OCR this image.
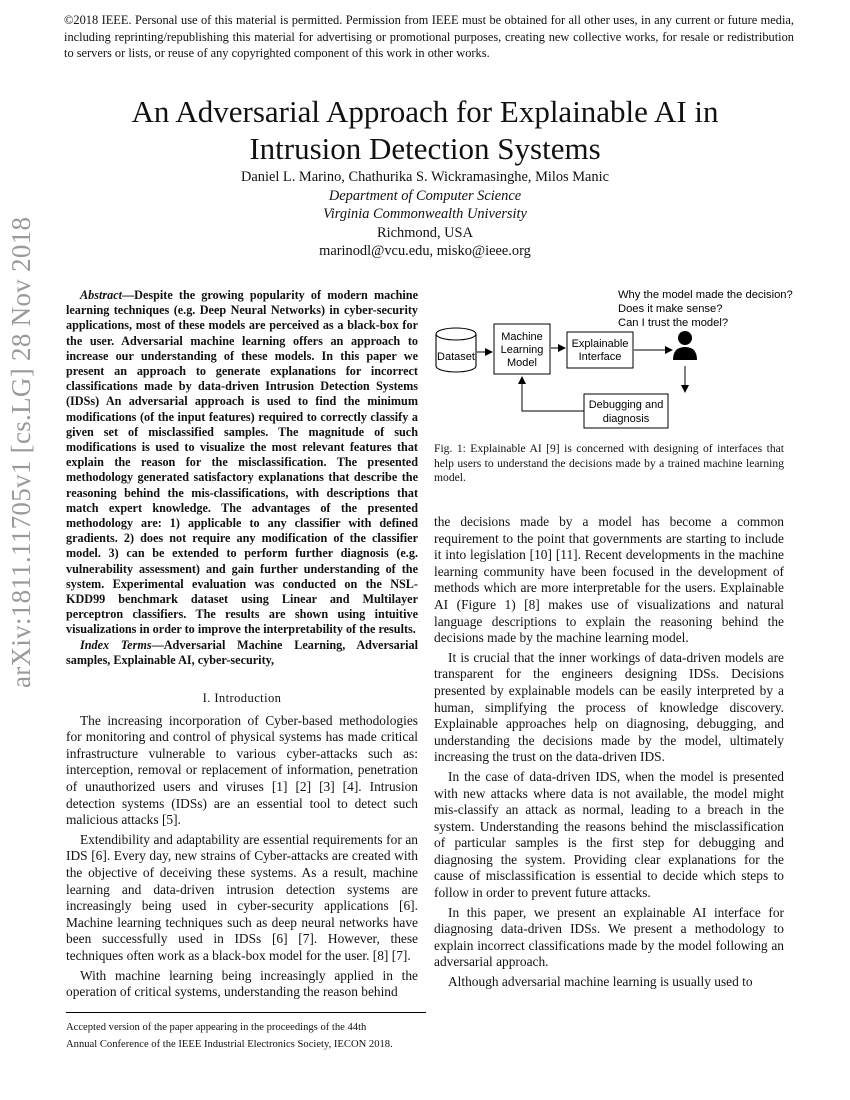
©2018 IEEE. Personal use of this material is permitted. Permission from IEEE must be obtained for all other uses, in any current or future media, including reprinting/republishing this material for advertising or promotional purposes, creating new collective works, for resale or redistribution to servers or lists, or reuse of any copyrighted component of this work in other works.
An Adversarial Approach for Explainable AI in
Intrusion Detection Systems
Daniel L. Marino, Chathurika S. Wickramasinghe, Milos Manic
Department of Computer Science
Virginia Commonwealth University
Richmond, USA
marinodl@vcu.edu, misko@ieee.org
arXiv:1811.11705v1 [cs.LG] 28 Nov 2018	Abstract—Despite the growing popularity of modern machine learning techniques (e.g. Deep Neural Networks) in cyber-security applications, most of these models are perceived as a black-box for the user. Adversarial machine learning offers an approach to increase our understanding of these models. In this paper we present an approach to generate explanations for incorrect classifications made by data-driven Intrusion Detection Systems (IDSs) An adversarial approach is used to find the minimum modifications (of the input features) required to correctly classify a given set of misclassified samples. The magnitude of such modifications is used to visualize the most relevant features that explain the reason for the misclassification. The presented methodology generated satisfactory explanations that describe the reasoning behind the mis-classifications, with descriptions that match expert knowledge. The advantages of the presented methodology are: 1) applicable to any classifier with defined gradients. 2) does not require any modification of the classifier model. 3) can be extended to perform further diagnosis (e.g. vulnerability assessment) and gain further understanding of the system. Experimental evaluation was conducted on the NSL-KDD99 benchmark dataset using Linear and Multilayer perceptron classifiers. The results are shown using intuitive visualizations in order to improve the interpretability of the results.

Index Terms—Adversarial Machine Learning, Adversarial samples, Explainable AI, cyber-security,

I. Introduction

The increasing incorporation of Cyber-based methodologies for monitoring and control of physical systems has made critical infrastructure vulnerable to various cyber-attacks such as: interception, removal or replacement of information, penetration of unauthorized users and viruses [1] [2] [3] [4]. Intrusion detection systems (IDSs) are an essential tool to detect such malicious attacks [5].

Extendibility and adaptability are essential requirements for an IDS [6]. Every day, new strains of Cyber-attacks are created with the objective of deceiving these systems. As a result, machine learning and data-driven intrusion detection systems are increasingly being used in cyber-security applications [6]. Machine learning techniques such as deep neural networks have been successfully used in IDSs [6] [7]. However, these techniques often work as a black-box model for the user. [8] [7].

With machine learning being increasingly applied in the operation of critical systems, understanding the reason behind

Why the model made the decision?
Does it make sense?
Can I trust the model?
Dataset
Machine
Learning
Model
Explainable
Interface
Debugging and
diagnosis
Fig. 1: Explainable AI [9] is concerned with designing of interfaces that help users to understand the decisions made by a trained machine learning model.

the decisions made by a model has become a common requirement to the point that governments are starting to include it into legislation [10] [11]. Recent developments in the machine learning community have been focused in the development of methods which are more interpretable for the users. Explainable AI (Figure 1) [8] makes use of visualizations and natural language descriptions to explain the reasoning behind the decisions made by the machine learning model.

It is crucial that the inner workings of data-driven models are transparent for the engineers designing IDSs. Decisions presented by explainable models can be easily interpreted by a human, simplifying the process of knowledge discovery. Explainable approaches help on diagnosing, debugging, and understanding the decisions made by the model, ultimately increasing the trust on the data-driven IDS.

In the case of data-driven IDS, when the model is presented with new attacks where data is not available, the model might mis-classify an attack as normal, leading to a breach in the system. Understanding the reasons behind the misclassification of particular samples is the first step for debugging and diagnosing the system. Providing clear explanations for the cause of misclassification is essential to decide which steps to follow in order to prevent future attacks.

In this paper, we present an explainable AI interface for diagnosing data-driven IDSs. We present a methodology to explain incorrect classifications made by the model following an adversarial approach.

Although adversarial machine learning is usually used to

Accepted version of the paper appearing in the proceedings of the 44th
Annual Conference of the IEEE Industrial Electronics Society, IECON 2018.
